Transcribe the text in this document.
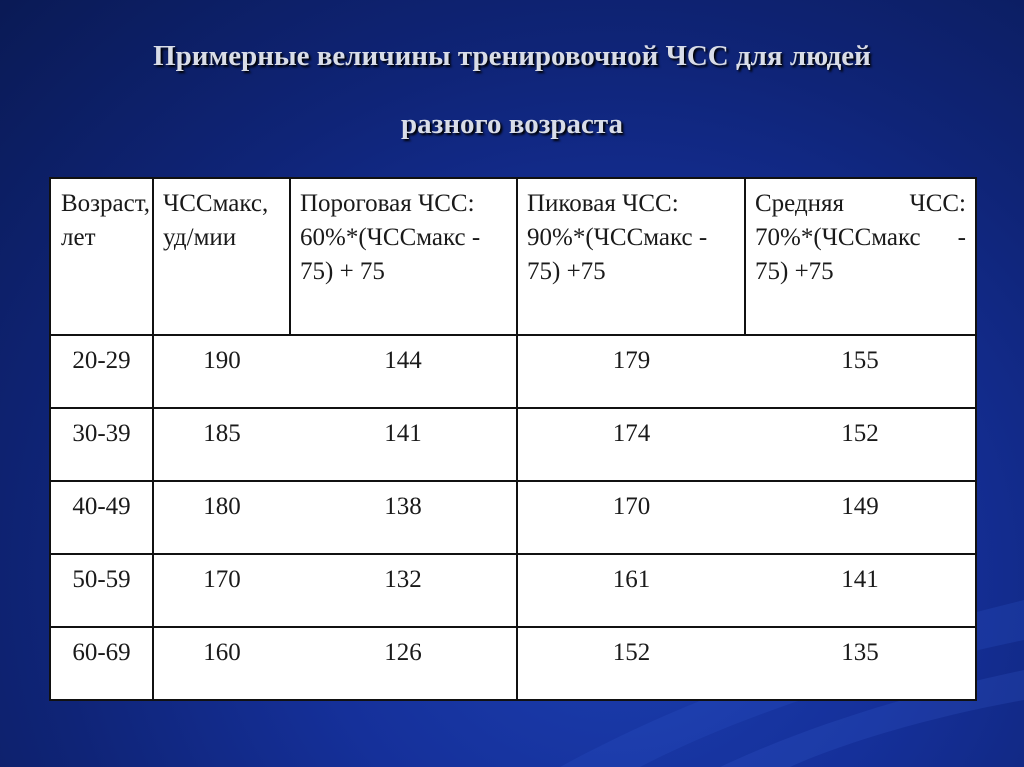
Примерные величины тренировочной ЧСС для людей
разного возраста
Возраст, лет	ЧССмакс, уд/мии	Пороговая ЧСС: 60%*(ЧССмакс - 75) + 75	Пиковая ЧСС: 90%*(ЧССмакс - 75) +75	Средняя ЧСС: 70%*(ЧССмакс - 75) +75
20-29	190	144	179	155
30-39	185	141	174	152
40-49	180	138	170	149
50-59	170	132	161	141
60-69	160	126	152	135
